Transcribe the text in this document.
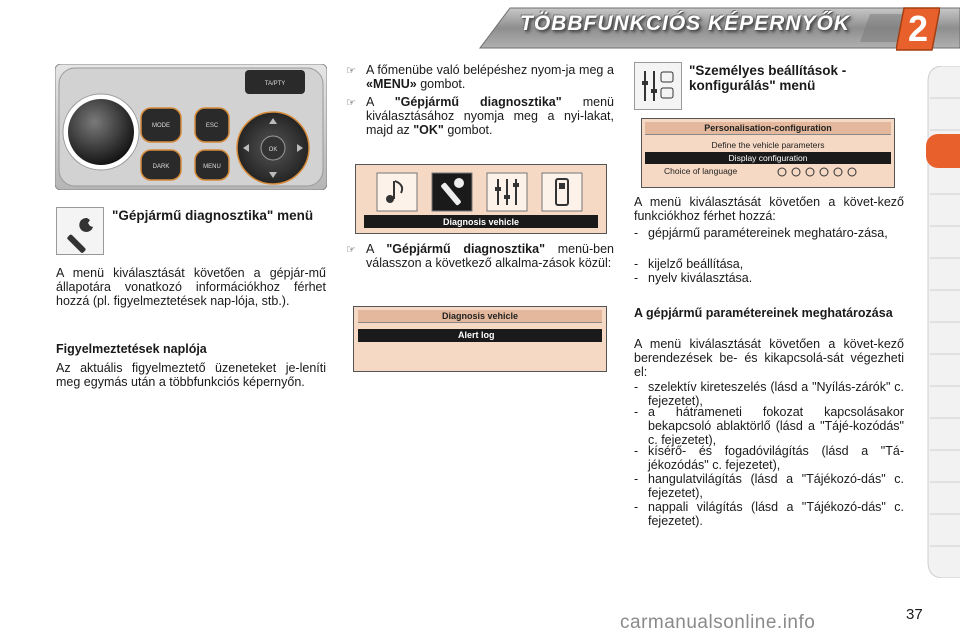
TÖBBFUNKCIÓS KÉPERNYŐK	2
MODE
DARK
ESC
MENU
OK
TA/PTY
"Gépjármű diagnosztika" menü
A menü kiválasztását követően a gépjár-mű állapotára vonatkozó információkhoz férhet hozzá (pl. figyelmeztetések nap-lója, stb.).
Figyelmeztetések naplója
Az aktuális figyelmeztető üzeneteket je-leníti meg egymás után a többfunkciós képernyőn.
☞ A főmenübe való belépéshez nyom-ja meg a «MENU» gombot.
☞ A "Gépjármű diagnosztika" menü kiválasztásához nyomja meg a nyi-lakat, majd az "OK" gombot.
Diagnosis vehicle
☞ A "Gépjármű diagnosztika" menü-ben válasszon a következő alkalma-zások közül:
Diagnosis vehicle
Alert log
"Személyes beállítások - konfigurálás" menü
Personalisation-configuration
Define the vehicle parameters
Display configuration
Choice of language
A menü kiválasztását követően a követ-kező funkciókhoz férhet hozzá:
- gépjármű paramétereinek meghatáro-zása,
- kijelző beállítása,
- nyelv kiválasztása.
A gépjármű paramétereinek meghatározása
A menü kiválasztását követően a követ-kező berendezések be- és kikapcsolá-sát végezheti el:
- szelektív kireteszelés (lásd a "Nyílás-zárók" c. fejezetet),
- a hátrameneti fokozat kapcsolásakor bekapcsoló ablaktörlő (lásd a "Tájé-kozódás" c. fejezetet),
- kísérő- és fogadóvilágítás (lásd a "Tá-jékozódás" c. fejezetet),
- hangulatvilágítás (lásd a "Tájékozó-dás" c. fejezetet),
- nappali világítás (lásd a "Tájékozó-dás" c. fejezetet).
37
carmanualsonline.info
